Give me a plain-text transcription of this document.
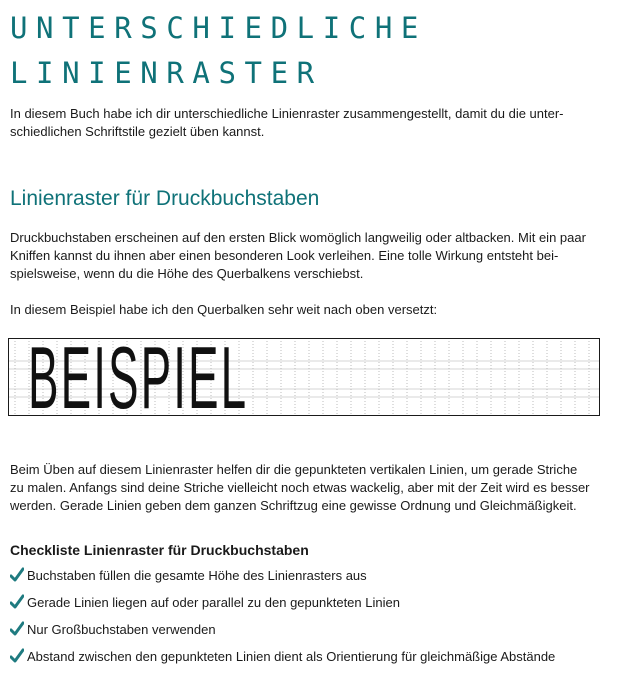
UNTERSCHIEDLICHE
LINIENRASTER

In diesem Buch habe ich dir unterschiedliche Linienraster zusammengestellt, damit du die unter-
schiedlichen Schriftstile gezielt üben kannst.

Linienraster für Druckbuchstaben

Druckbuchstaben erscheinen auf den ersten Blick womöglich langweilig oder altbacken. Mit ein paar
Kniffen kannst du ihnen aber einen besonderen Look verleihen. Eine tolle Wirkung entsteht bei-
spielsweise, wenn du die Höhe des Querbalkens verschiebst.

In diesem Beispiel habe ich den Querbalken sehr weit nach oben versetzt:

BEISPIEL

Beim Üben auf diesem Linienraster helfen dir die gepunkteten vertikalen Linien, um gerade Striche
zu malen. Anfangs sind deine Striche vielleicht noch etwas wackelig, aber mit der Zeit wird es besser
werden. Gerade Linien geben dem ganzen Schriftzug eine gewisse Ordnung und Gleichmäßigkeit.

Checkliste Linienraster für Druckbuchstaben
Buchstaben füllen die gesamte Höhe des Linienrasters aus
Gerade Linien liegen auf oder parallel zu den gepunkteten Linien
Nur Großbuchstaben verwenden
Abstand zwischen den gepunkteten Linien dient als Orientierung für gleichmäßige Abstände
